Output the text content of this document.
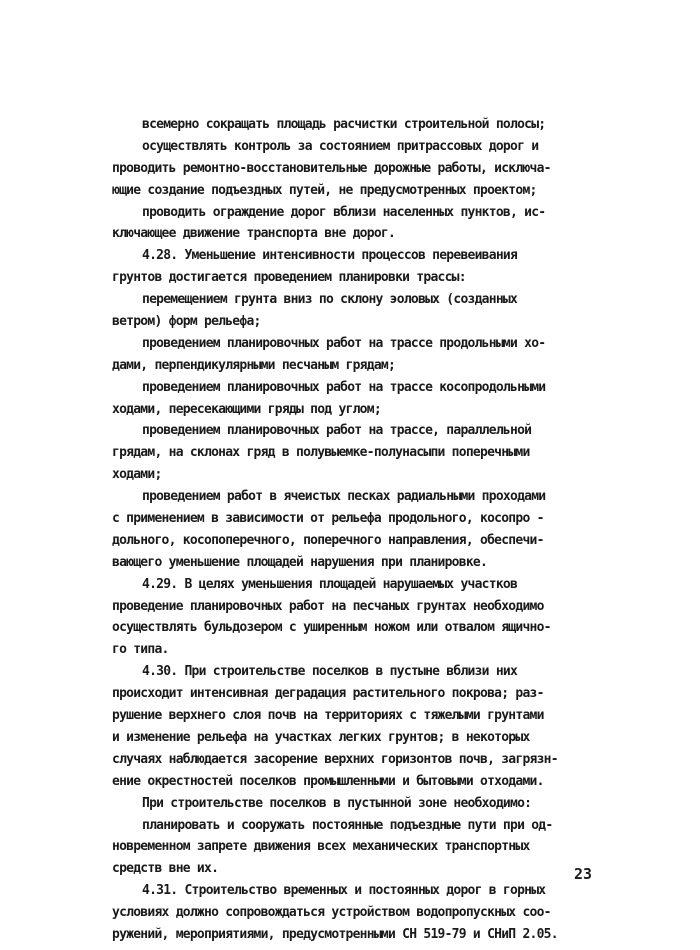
всемерно сокращать площадь расчистки строительной полосы;
осуществлять контроль за состоянием притрассовых дорог и
проводить ремонтно-восстановительные дорожные работы, исключа-
ющие создание подъездных путей, не предусмотренных проектом;
проводить ограждение дорог вблизи населенных пунктов, ис-
ключающее движение транспорта вне дорог.
4.28. Уменьшение интенсивности процессов перевеивания
грунтов достигается проведением планировки трассы:
перемещением грунта вниз по склону эоловых (созданных
ветром) форм рельефа;
проведением планировочных работ на трассе продольными хо-
дами, перпендикулярными песчаным грядам;
проведением планировочных работ на трассе косопродольными
ходами, пересекающими гряды под углом;
проведением планировочных работ на трассе, параллельной
грядам, на склонах гряд в полувыемке-полунасыпи поперечными
ходами;
проведением работ в ячеистых песках радиальными проходами
с применением в зависимости от рельефа продольного, косопро -
дольного, косопоперечного, поперечного направления, обеспечи-
вающего уменьшение площадей нарушения при планировке.
4.29. В целях уменьшения площадей нарушаемых участков
проведение планировочных работ на песчаных грунтах необходимо
осуществлять бульдозером с уширенным ножом или отвалом ящично-
го типа.
4.30. При строительстве поселков в пустыне вблизи них
происходит интенсивная деградация растительного покрова; раз-
рушение верхнего слоя почв на территориях с тяжелыми грунтами
и изменение рельефа на участках легких грунтов; в некоторых
случаях наблюдается засорение верхних горизонтов почв, загрязн-
ение окрестностей поселков промышленными и бытовыми отходами.
При строительстве поселков в пустынной зоне необходимо:
планировать и сооружать постоянные подъездные пути при од-
новременном запрете движения всех механических транспортных
средств вне их.
4.31. Строительство временных и постоянных дорог в горных
условиях должно сопровождаться устройством водопропускных соо-
ружений, мероприятиями, предусмотренными СН 519-79 и СНиП 2.05.
23
